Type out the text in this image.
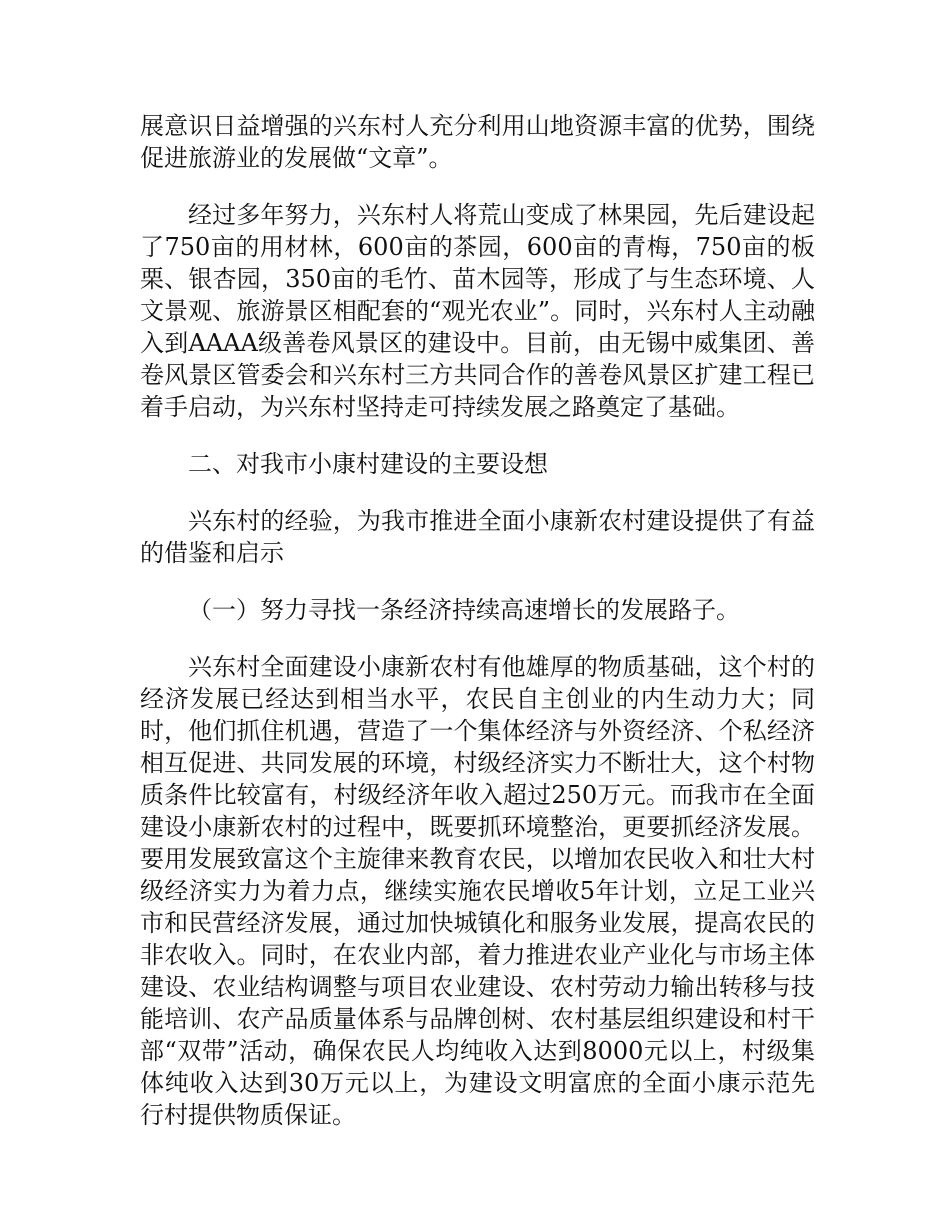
展意识日益增强的兴东村人充分利用山地资源丰富的优势，围绕促进旅游业的发展做“文章”。

经过多年努力，兴东村人将荒山变成了林果园，先后建设起了750亩的用材林，600亩的茶园，600亩的青梅，750亩的板栗、银杏园，350亩的毛竹、苗木园等，形成了与生态环境、人文景观、旅游景区相配套的“观光农业”。同时，兴东村人主动融入到AAAA级善卷风景区的建设中。目前，由无锡中威集团、善卷风景区管委会和兴东村三方共同合作的善卷风景区扩建工程已着手启动，为兴东村坚持走可持续发展之路奠定了基础。

二、对我市小康村建设的主要设想

兴东村的经验，为我市推进全面小康新农村建设提供了有益的借鉴和启示

（一）努力寻找一条经济持续高速增长的发展路子。

兴东村全面建设小康新农村有他雄厚的物质基础，这个村的经济发展已经达到相当水平，农民自主创业的内生动力大；同时，他们抓住机遇，营造了一个集体经济与外资经济、个私经济相互促进、共同发展的环境，村级经济实力不断壮大，这个村物质条件比较富有，村级经济年收入超过250万元。而我市在全面建设小康新农村的过程中，既要抓环境整治，更要抓经济发展。要用发展致富这个主旋律来教育农民，以增加农民收入和壮大村级经济实力为着力点，继续实施农民增收5年计划，立足工业兴市和民营经济发展，通过加快城镇化和服务业发展，提高农民的非农收入。同时，在农业内部，着力推进农业产业化与市场主体建设、农业结构调整与项目农业建设、农村劳动力输出转移与技能培训、农产品质量体系与品牌创树、农村基层组织建设和村干部“双带”活动，确保农民人均纯收入达到8000元以上，村级集体纯收入达到30万元以上，为建设文明富庶的全面小康示范先行村提供物质保证。
